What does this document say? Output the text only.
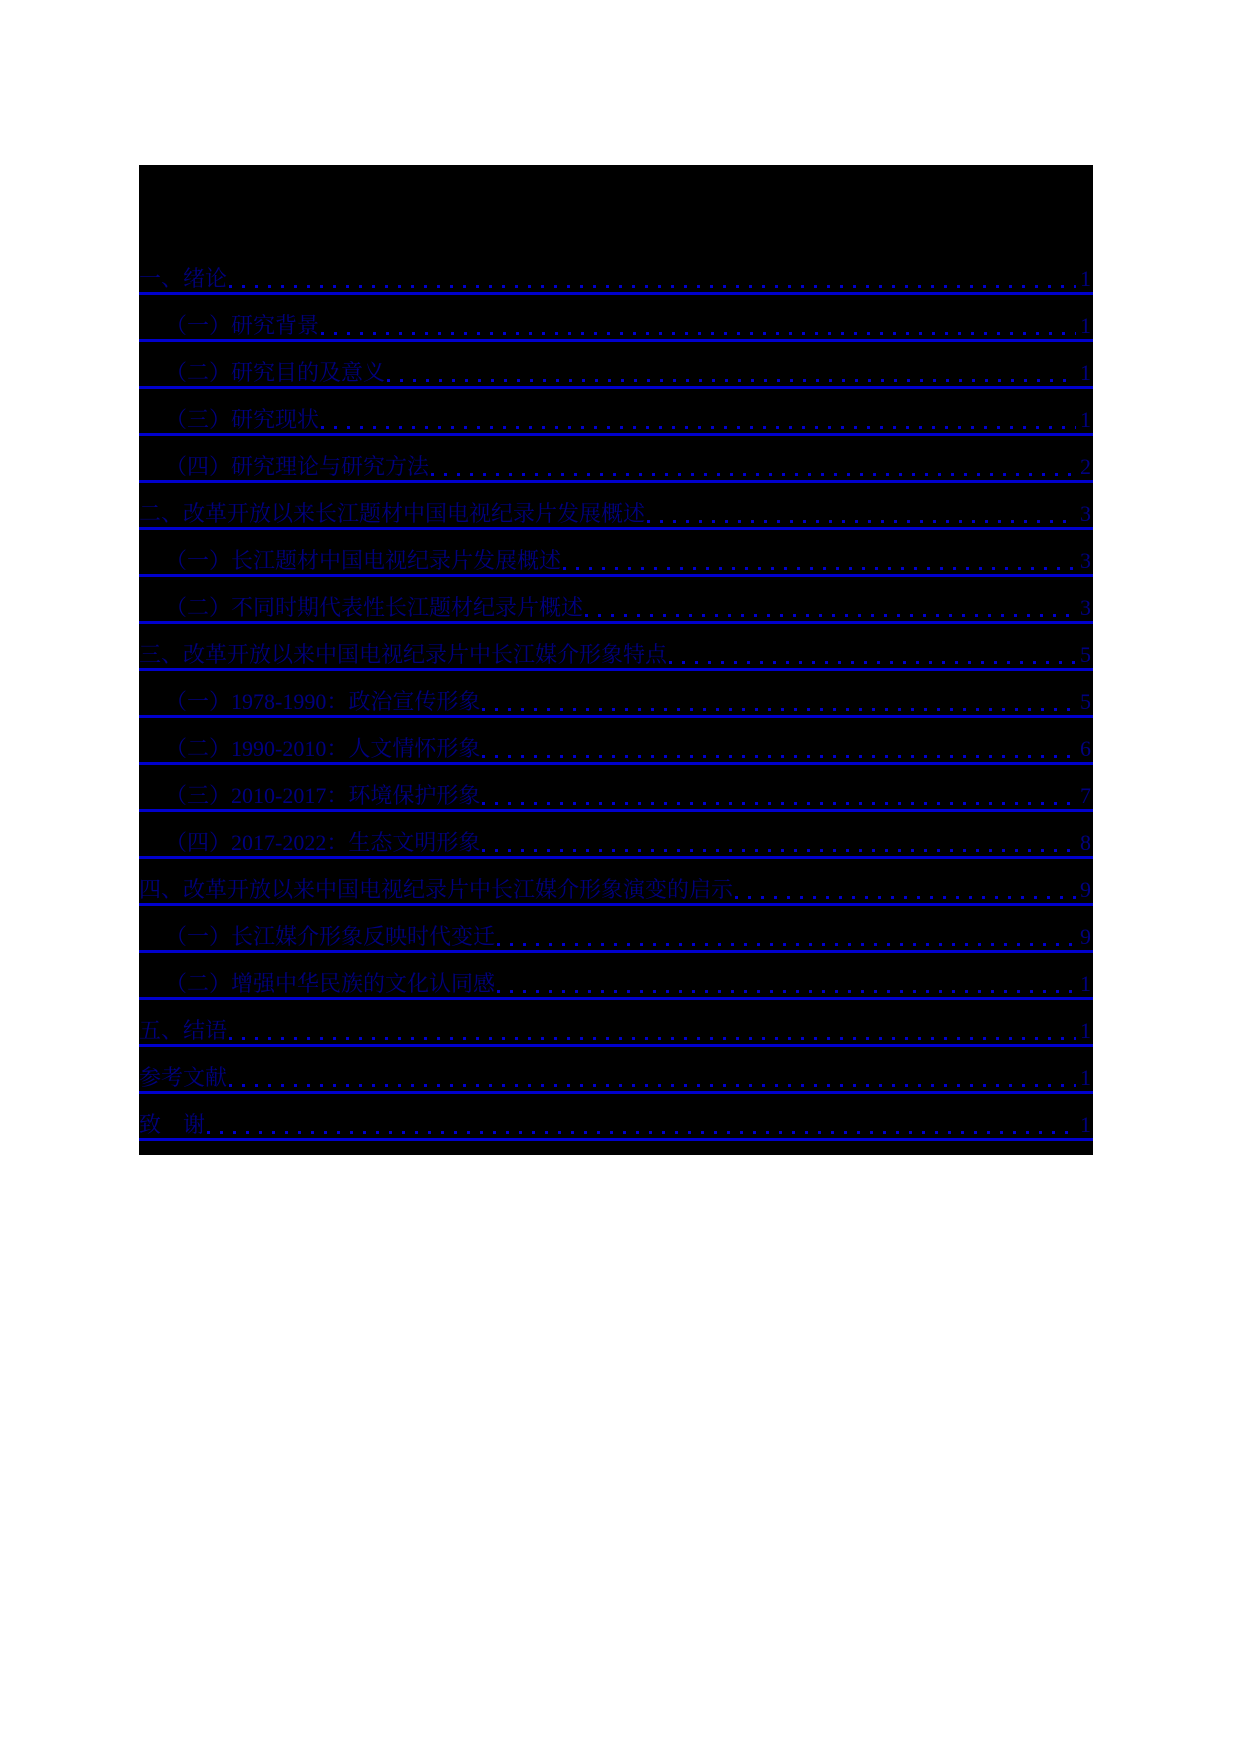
一、绪论	1
（一）研究背景	1
（二）研究目的及意义	1
（三）研究现状	1
（四）研究理论与研究方法	2
二、改革开放以来长江题材中国电视纪录片发展概述	3
（一）长江题材中国电视纪录片发展概述	3
（二）不同时期代表性长江题材纪录片概述	3
三、改革开放以来中国电视纪录片中长江媒介形象特点	5
（一）1978-1990：政治宣传形象	5
（二）1990-2010：人文情怀形象	6
（三）2010-2017：环境保护形象	7
（四）2017-2022：生态文明形象	8
四、改革开放以来中国电视纪录片中长江媒介形象演变的启示	9
（一）长江媒介形象反映时代变迁	9
（二）增强中华民族的文化认同感	1
五、结语	1
参考文献	1
致　谢	1
